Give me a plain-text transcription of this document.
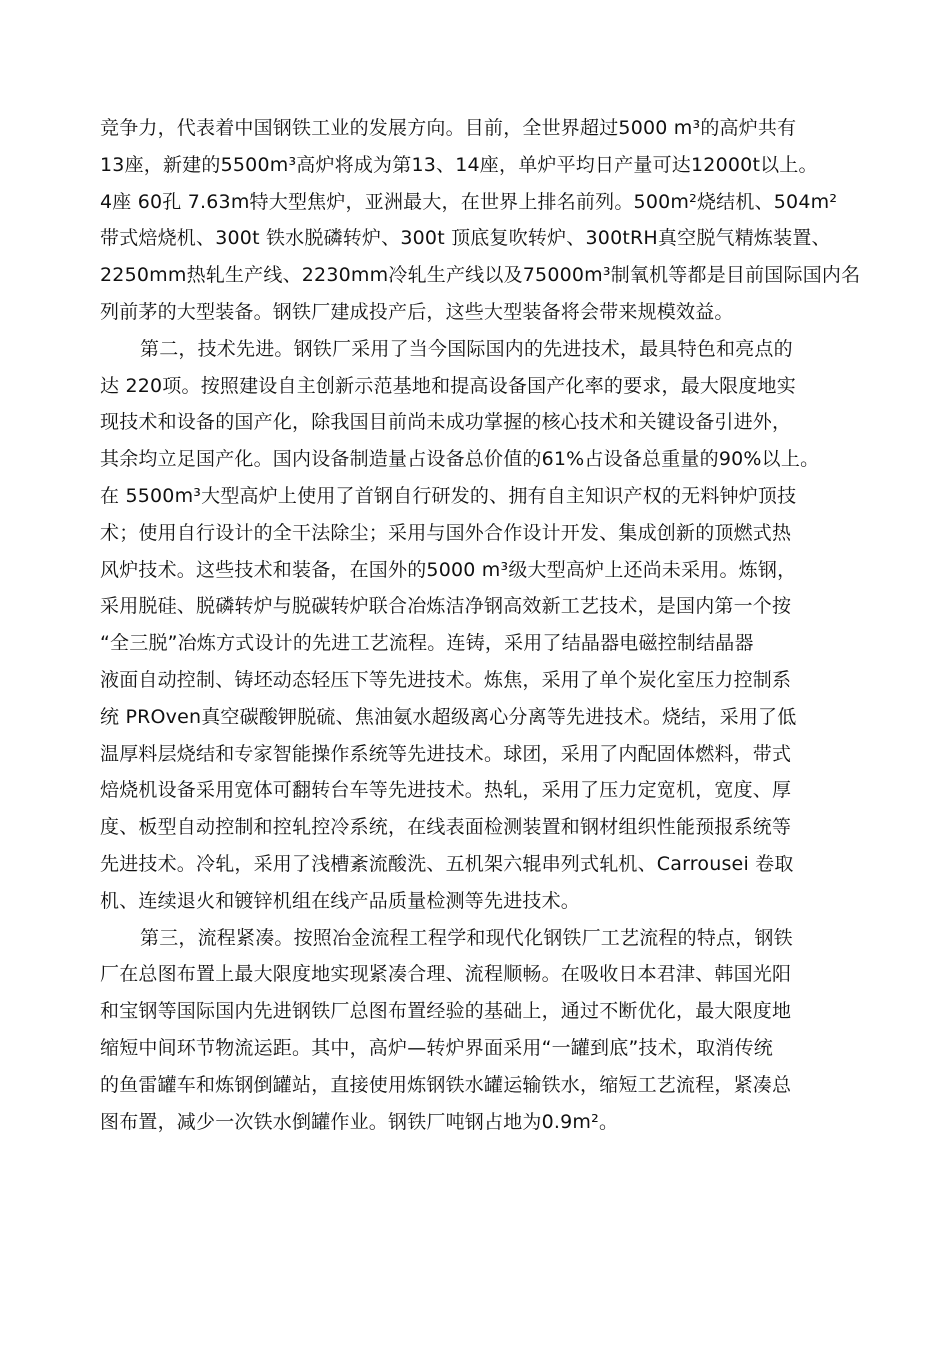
竞争力，代表着中国钢铁工业的发展方向。目前，全世界超过5000 m³的高炉共有
13座，新建的5500m³高炉将成为第13、14座，单炉平均日产量可达12000t以上。
4座 60孔 7.63m特大型焦炉，亚洲最大，在世界上排名前列。500m²烧结机、504m²
带式焙烧机、300t 铁水脱磷转炉、300t 顶底复吹转炉、300tRH真空脱气精炼装置、
2250mm热轧生产线、2230mm冷轧生产线以及75000m³制氧机等都是目前国际国内名
列前茅的大型装备。钢铁厂建成投产后，这些大型装备将会带来规模效益。
第二，技术先进。钢铁厂采用了当今国际国内的先进技术，最具特色和亮点的
达 220项。按照建设自主创新示范基地和提高设备国产化率的要求，最大限度地实
现技术和设备的国产化，除我国目前尚未成功掌握的核心技术和关键设备引进外，
其余均立足国产化。国内设备制造量占设备总价值的61%占设备总重量的90%以上。
在 5500m³大型高炉上使用了首钢自行研发的、拥有自主知识产权的无料钟炉顶技
术；使用自行设计的全干法除尘；采用与国外合作设计开发、集成创新的顶燃式热
风炉技术。这些技术和装备，在国外的5000 m³级大型高炉上还尚未采用。炼钢，
采用脱硅、脱磷转炉与脱碳转炉联合冶炼洁净钢高效新工艺技术，是国内第一个按
“全三脱”冶炼方式设计的先进工艺流程。连铸，采用了结晶器电磁控制结晶器
液面自动控制、铸坯动态轻压下等先进技术。炼焦，采用了单个炭化室压力控制系
统 PROven真空碳酸钾脱硫、焦油氨水超级离心分离等先进技术。烧结，采用了低
温厚料层烧结和专家智能操作系统等先进技术。球团，采用了内配固体燃料，带式
焙烧机设备采用宽体可翻转台车等先进技术。热轧，采用了压力定宽机，宽度、厚
度、板型自动控制和控轧控冷系统，在线表面检测装置和钢材组织性能预报系统等
先进技术。冷轧，采用了浅槽紊流酸洗、五机架六辊串列式轧机、Carrousei 卷取
机、连续退火和镀锌机组在线产品质量检测等先进技术。
第三，流程紧凑。按照冶金流程工程学和现代化钢铁厂工艺流程的特点，钢铁
厂在总图布置上最大限度地实现紧凑合理、流程顺畅。在吸收日本君津、韩国光阳
和宝钢等国际国内先进钢铁厂总图布置经验的基础上，通过不断优化，最大限度地
缩短中间环节物流运距。其中，高炉—转炉界面采用“一罐到底”技术，取消传统
的鱼雷罐车和炼钢倒罐站，直接使用炼钢铁水罐运输铁水，缩短工艺流程，紧凑总
图布置，减少一次铁水倒罐作业。钢铁厂吨钢占地为0.9m²。
